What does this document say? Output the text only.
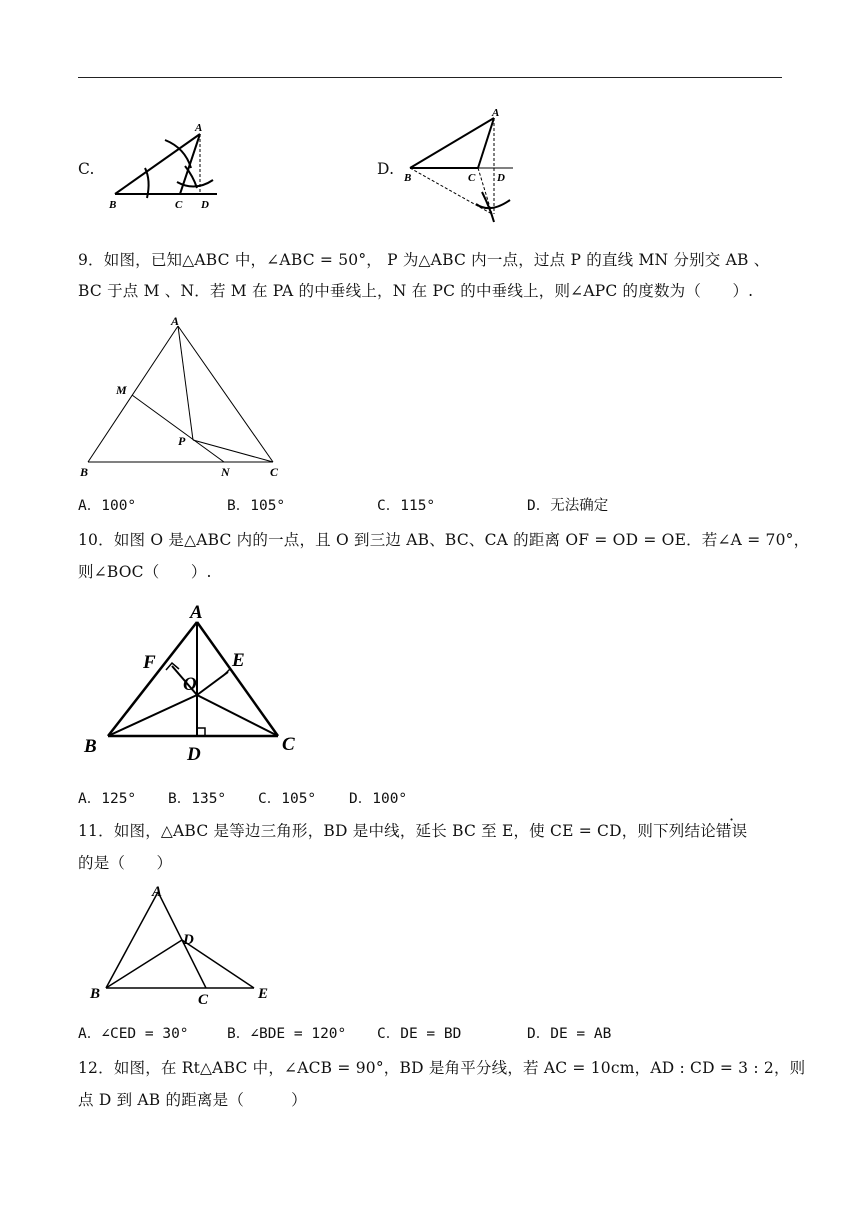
C.
A
B	C D
D.
A
B	C D
9．如图，已知△ABC 中，∠ABC = 50°， P 为△ABC 内一点，过点 P 的直线 MN 分别交 AB 、
BC 于点 M 、N．若 M 在 PA 的中垂线上，N 在 PC 的中垂线上，则∠APC 的度数为（　　）.
A
M
P
B	N	C
A．100°	B．105°	C．115°	D．无法确定
10．如图 O 是△ABC 内的一点，且 O 到三边 AB、BC、CA 的距离 OF = OD = OE．若∠A = 70°，
则∠BOC（　　）.
A
F	E
O
B	D	C
A．125° B．135° C．105° D．100°
11．如图，△ABC 是等边三角形，BD 是中线，延长 BC 至 E，使 CE = CD，则下列结论错误
的是（　　）
A
D
B	C	E
A．∠CED = 30°	B．∠BDE = 120° C．DE = BD	D．DE = AB
12．如图，在 Rt△ABC 中，∠ACB = 90°，BD 是角平分线，若 AC = 10cm，AD : CD = 3 : 2，则
点 D 到 AB 的距离是（　　　）
